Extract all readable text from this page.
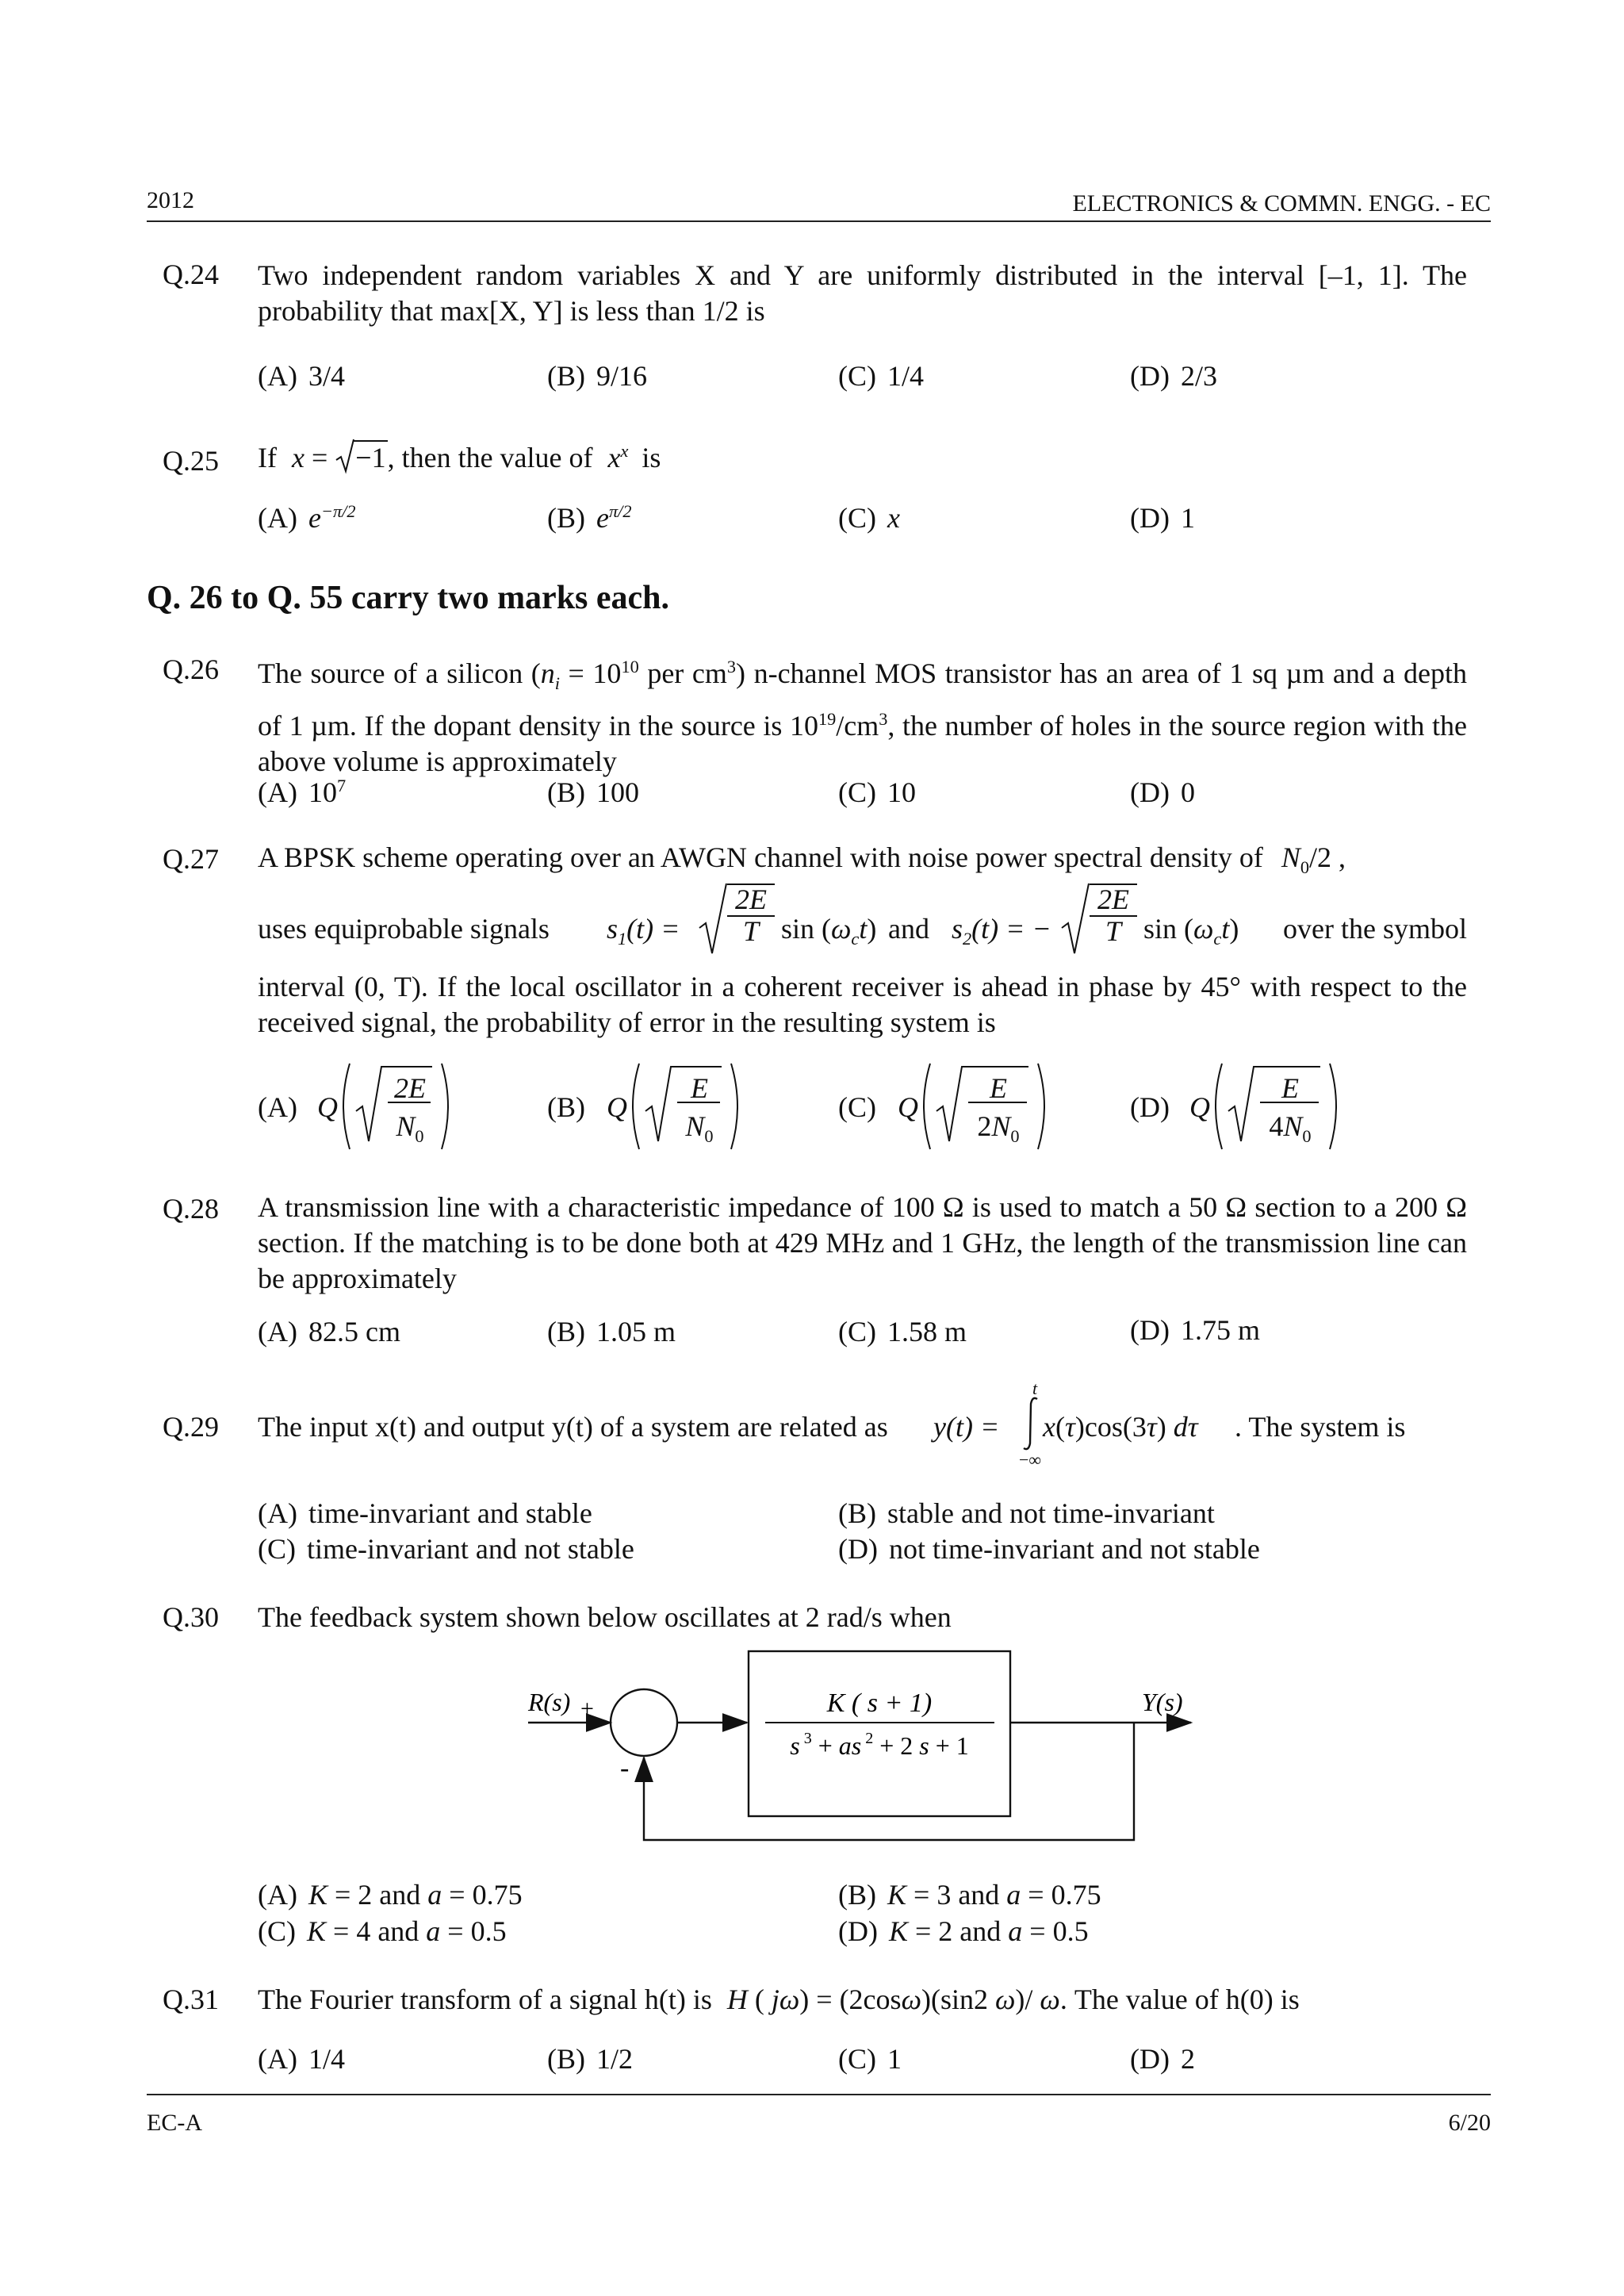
2012	ELECTRONICS & COMMN. ENGG. - EC
Q.24 Two independent random variables X and Y are uniformly distributed in the interval [–1, 1]. The probability that max[X, Y] is less than 1/2 is
(A) 3/4	(B) 9/16	(C) 1/4	(D) 2/3
Q.25 If x =
−1, then the value of $x^x$ is
(A) $e^{-\pi/2}$	(B) $e^{\pi/2}$	(C) x	(D) 1
Q. 26 to Q. 55 carry two marks each.
Q.26 The source of a silicon ($n_i = 10^{10}$ per $cm^3$) n-channel MOS transistor has an area of 1 sq µm and a depth of 1 µm. If the dopant density in the source is $10^{19}/cm^3$, the number of holes in the source region with the above volume is approximately
(A) $10^7$	(B) 100	(C) 10	(D) 0
Q.27 A BPSK scheme operating over an AWGN channel with noise power spectral density of $N_0/2$ ,
uses equiprobable signals $s_1(t) = \frac{2E}{T}$ $\sin (\omega_ct)$ and $s_2(t)$ = − $\frac{2E}{T}$ $\sin (\omega_ct)$	over the symbol
interval (0, T). If the local oscillator in a coherent receiver is ahead in phase by 45° with respect to the received signal, the probability of error in the resulting system is
(A) Q
2E
$N_0$
(B) Q
E
$N_0$
(C) Q
E
$2N_0$
(D) Q
E
$4N_0$
Q.28 A transmission line with a characteristic impedance of 100 Ω is used to match a 50 Ω section to a 200 Ω section. If the matching is to be done both at 429 MHz and 1 GHz, the length of the transmission line can be approximately
(A) 82.5 cm	(B) 1.05 m	(C) 1.58 m	(D) 1.75 m
Q.29 The input x(t) and output y(t) of a system are related as y(t) =
t
−∞
x(τ)cos(3τ) dτ . The system is
(A) time-invariant and stable	(B) stable and not time-invariant
(C) time-invariant and not stable	(D) not time-invariant and not stable
Q.30 The feedback system shown below oscillates at 2 rad/s when
R(s) +
-
K ( s + 1)
s $^3$ + as $^2$ + 2 s + 1
Y(s)
(A) K = 2 and a = 0.75	(B) K = 3 and a = 0.75
(C) K = 4 and a = 0.5	(D) K = 2 and a = 0.5
Q.31 The Fourier transform of a signal h(t) is H ( jω) = (2cosω)(sin2 ω)/ ω. The value of h(0) is
(A) 1/4	(B) 1/2	(C) 1	(D) 2
EC-A	6/20
